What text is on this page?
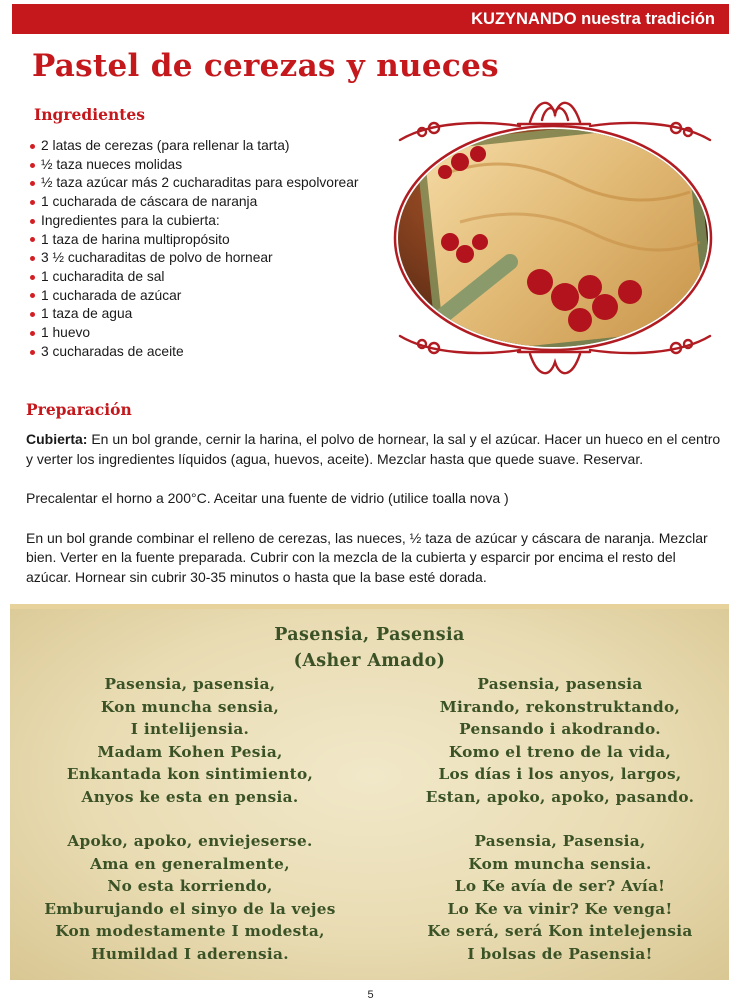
KUZYNANDO nuestra tradición
Pastel de cerezas y nueces
Ingredientes
2 latas de cerezas (para rellenar la tarta)
½ taza nueces molidas
½ taza azúcar más 2 cucharaditas para espolvorear
1 cucharada de cáscara de naranja
Ingredientes para la cubierta:
1 taza de harina multipropósito
3 ½ cucharaditas de polvo de hornear
1 cucharadita de sal
1 cucharada de azúcar
1 taza de agua
1 huevo
3 cucharadas de aceite
Preparación

Cubierta: En un bol grande, cernir la harina, el polvo de hornear, la sal y el azúcar. Hacer un hueco en el centro y verter los ingredientes líquidos (agua, huevos, aceite). Mezclar hasta que quede suave. Reservar.

Precalentar el horno a 200°C. Aceitar una fuente de vidrio (utilice toalla nova )

En un bol grande combinar el relleno de cerezas, las nueces, ½ taza de azúcar y cáscara de naranja. Mezclar bien. Verter en la fuente preparada. Cubrir con la mezcla de la cubierta y esparcir por encima el resto del azúcar. Hornear sin cubrir 30-35 minutos o hasta que la base esté dorada.

Pasensia, Pasensia
(Asher Amado)
Pasensia, pasensia,
Kon muncha sensia,
I intelijensia.
Madam Kohen Pesia,
Enkantada kon sintimiento,
Anyos ke esta en pensia.
Pasensia, pasensia
Mirando, rekonstruktando,
Pensando i akodrando.
Komo el treno de la vida,
Los días i los anyos, largos,
Estan, apoko, apoko, pasando.
Apoko, apoko, enviejeserse.
Ama en generalmente,
No esta korriendo,
Emburujando el sinyo de la vejes
Kon modestamente I modesta,
Humildad I aderensia.
Pasensia, Pasensia,
Kom muncha sensia.
Lo Ke avía de ser? Avía!
Lo Ke va vinir? Ke venga!
Ke será, será Kon intelejensia
I bolsas de Pasensia!
5
